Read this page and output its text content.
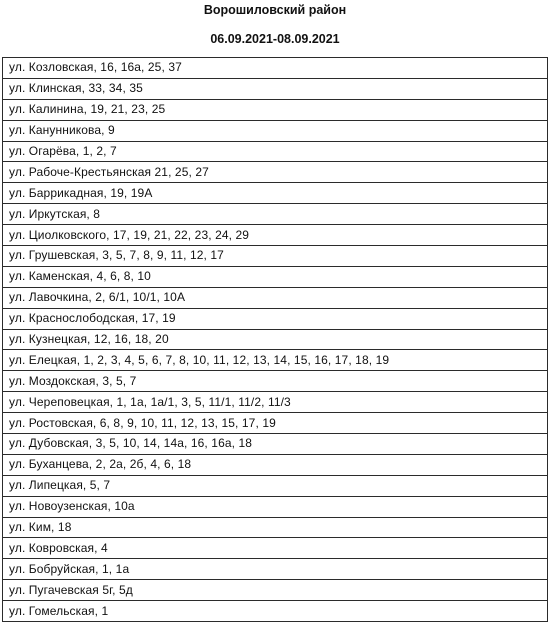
Ворошиловский район
06.09.2021-08.09.2021
ул. Козловская, 16, 16а, 25, 37
ул. Клинская, 33, 34, 35
ул. Калинина, 19, 21, 23, 25
ул. Канунникова, 9
ул. Огарёва, 1, 2, 7
ул. Рабоче-Крестьянская 21, 25, 27
ул. Баррикадная, 19, 19А
ул. Иркутская, 8
ул. Циолковского, 17, 19, 21, 22, 23, 24, 29
ул. Грушевская, 3, 5, 7, 8, 9, 11, 12, 17
ул. Каменская, 4, 6, 8, 10
ул. Лавочкина, 2, 6/1, 10/1, 10А
ул. Краснослободская, 17, 19
ул. Кузнецкая, 12, 16, 18, 20
ул. Елецкая, 1, 2, 3, 4, 5, 6, 7, 8, 10, 11, 12, 13, 14, 15, 16, 17, 18, 19
ул. Моздокская, 3, 5, 7
ул. Череповецкая, 1, 1а, 1а/1, 3, 5, 11/1, 11/2, 11/3
ул. Ростовская, 6, 8, 9, 10, 11, 12, 13, 15, 17, 19
ул. Дубовская, 3, 5, 10, 14, 14а, 16, 16а, 18
ул. Буханцева, 2, 2а, 2б, 4, 6, 18
ул. Липецкая, 5, 7
ул. Новоузенская, 10а
ул. Ким, 18
ул. Ковровская, 4
ул. Бобруйская, 1, 1а
ул. Пугачевская 5г, 5д
ул. Гомельская, 1
